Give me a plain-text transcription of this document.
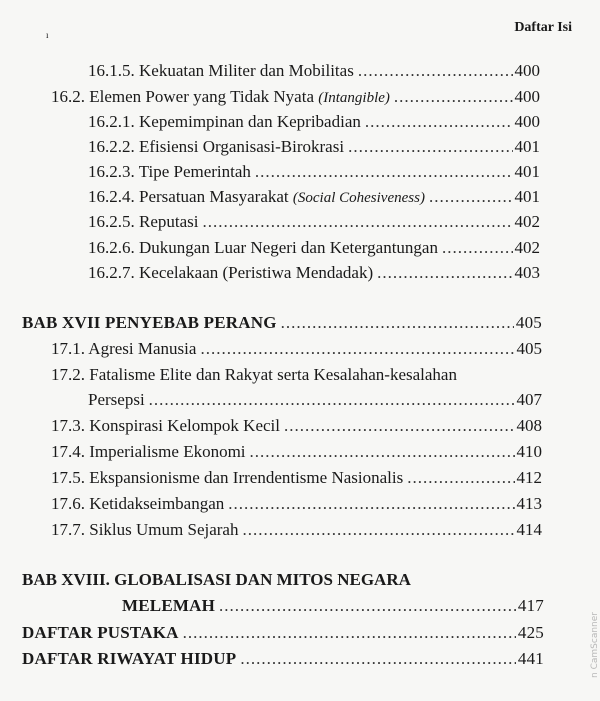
ı	Daftar Isi
16.1.5. Kekuatan Militer dan Mobilitas .....	400
16.2. Elemen Power yang Tidak Nyata (Intangible) .....	400
16.2.1. Kepemimpinan dan Kepribadian .....	400
16.2.2. Efisiensi Organisasi-Birokrasi .....	401
16.2.3. Tipe Pemerintah .....	401
16.2.4. Persatuan Masyarakat (Social Cohesiveness) .....	401
16.2.5. Reputasi .....	402
16.2.6. Dukungan Luar Negeri dan Ketergantungan .....	402
16.2.7. Kecelakaan (Peristiwa Mendadak) .....	403
BAB XVII PENYEBAB PERANG .....	405
17.1. Agresi Manusia .....	405
17.2. Fatalisme Elite dan Rakyat serta Kesalahan-kesalahan
Persepsi .....	407
17.3. Konspirasi Kelompok Kecil .....	408
17.4. Imperialisme Ekonomi .....	410
17.5. Ekspansionisme dan Irrendentisme Nasionalis .....	412
17.6. Ketidakseimbangan .....	413
17.7. Siklus Umum Sejarah .....	414
BAB XVIII. GLOBALISASI DAN MITOS NEGARA
MELEMAH .....	417
DAFTAR PUSTAKA .....	425
DAFTAR RIWAYAT HIDUP .....	441	n CamScanner
